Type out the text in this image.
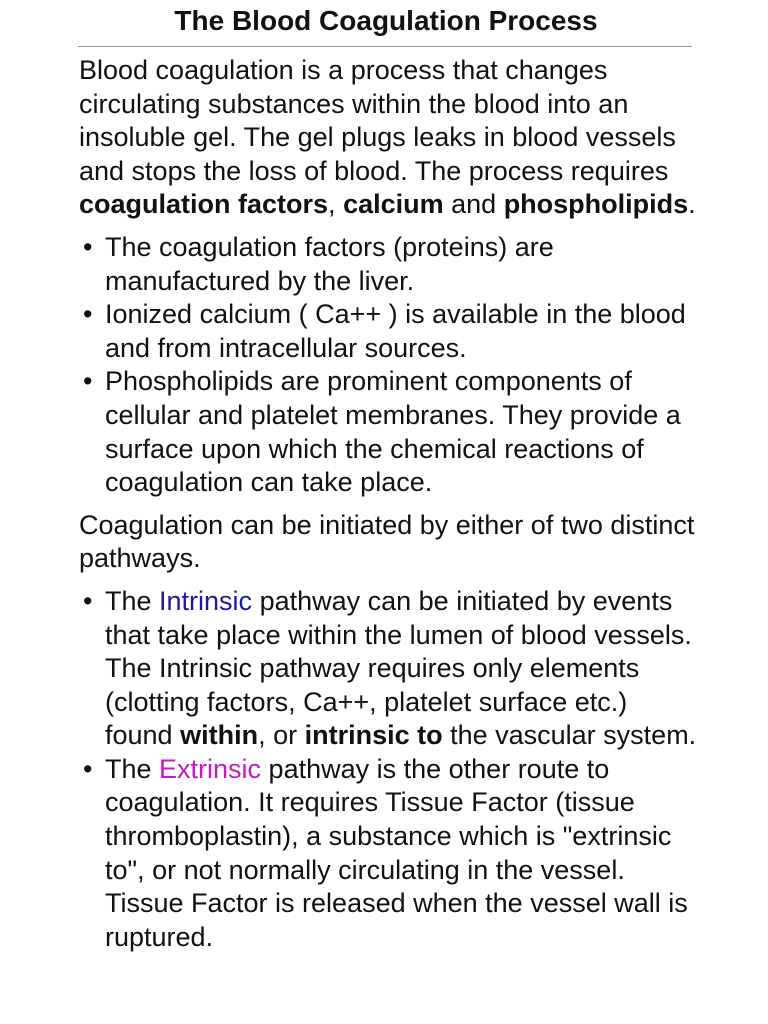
The Blood Coagulation Process

Blood coagulation is a process that changes circulating substances within the blood into an insoluble gel. The gel plugs leaks in blood vessels and stops the loss of blood. The process requires coagulation factors, calcium and phospholipids.

• The coagulation factors (proteins) are manufactured by the liver.
• Ionized calcium ( Ca++ ) is available in the blood and from intracellular sources.
• Phospholipids are prominent components of cellular and platelet membranes. They provide a surface upon which the chemical reactions of coagulation can take place.

Coagulation can be initiated by either of two distinct pathways.

• The Intrinsic pathway can be initiated by events that take place within the lumen of blood vessels. The Intrinsic pathway requires only elements (clotting factors, Ca++, platelet surface etc.) found within, or intrinsic to the vascular system.
• The Extrinsic pathway is the other route to coagulation. It requires Tissue Factor (tissue thromboplastin), a substance which is "extrinsic to", or not normally circulating in the vessel. Tissue Factor is released when the vessel wall is ruptured.
